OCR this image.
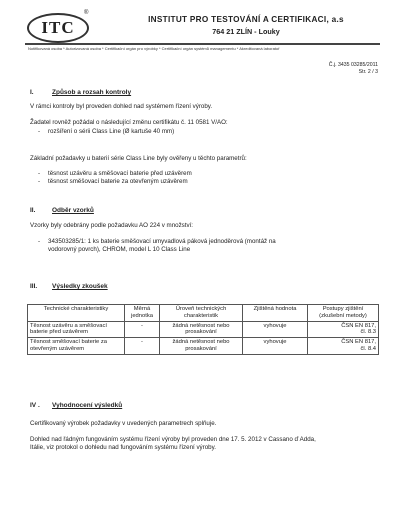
ITC
®
INSTITUT PRO TESTOVÁNÍ A CERTIFIKACI, a.s
764 21 ZLÍN - Louky
Notifikovaná osoba * Autorizovaná osoba * Certifikační orgán pro výrobky * Certifikační orgán systémů managementu * Akreditovaná laboratoř
Č.j. 3435 03285/2011
Str. 2 / 3
I.	Způsob a rozsah kontroly
V rámci kontroly byl proveden dohled nad systémem řízení výroby.
Žadatel rovněž požádal o následující změnu certifikátu č. 11 0581 V/AO:
- rozšíření o sérii Class Line (Ø kartuše 40 mm)
Základní požadavky u baterií série Class Line byly ověřeny u těchto parametrů:
- těsnost uzávěru a směšovací baterie před uzávěrem
- těsnost směšovací baterie za otevřeným uzávěrem
II.	Odběr vzorků
Vzorky byly odebrány podle požadavku AO 224 v množství:
- 343503285/1: 1 ks baterie směšovací umyvadlová páková jednoděrová (montáž na
vodorovný povrch), CHROM, model L 10 Class Line
III. Výsledky zkoušek
Technické charakteristiky	Měrná jednotka	Úroveň technických charakteristik	Zjištěná hodnota	Postupy zjištění (zkušební metody)
Těsnost uzávěru a směšovací baterie před uzávěrem	-	žádná netěsnost nebo prosakování	vyhovuje	ČSN EN 817,
čl. 8.3

Těsnost směšovací baterie za otevřeným uzávěrem	-	žádná netěsnost nebo prosakování	vyhovuje	ČSN EN 817,
čl. 8.4
IV . Vyhodnocení výsledků
Certifikovaný výrobek požadavky v uvedených parametrech splňuje.
Dohled nad řádným fungováním systému řízení výroby byl proveden dne 17. 5. 2012 v Cassano ď Adda,
Itálie, viz protokol o dohledu nad fungováním systému řízení výroby.
